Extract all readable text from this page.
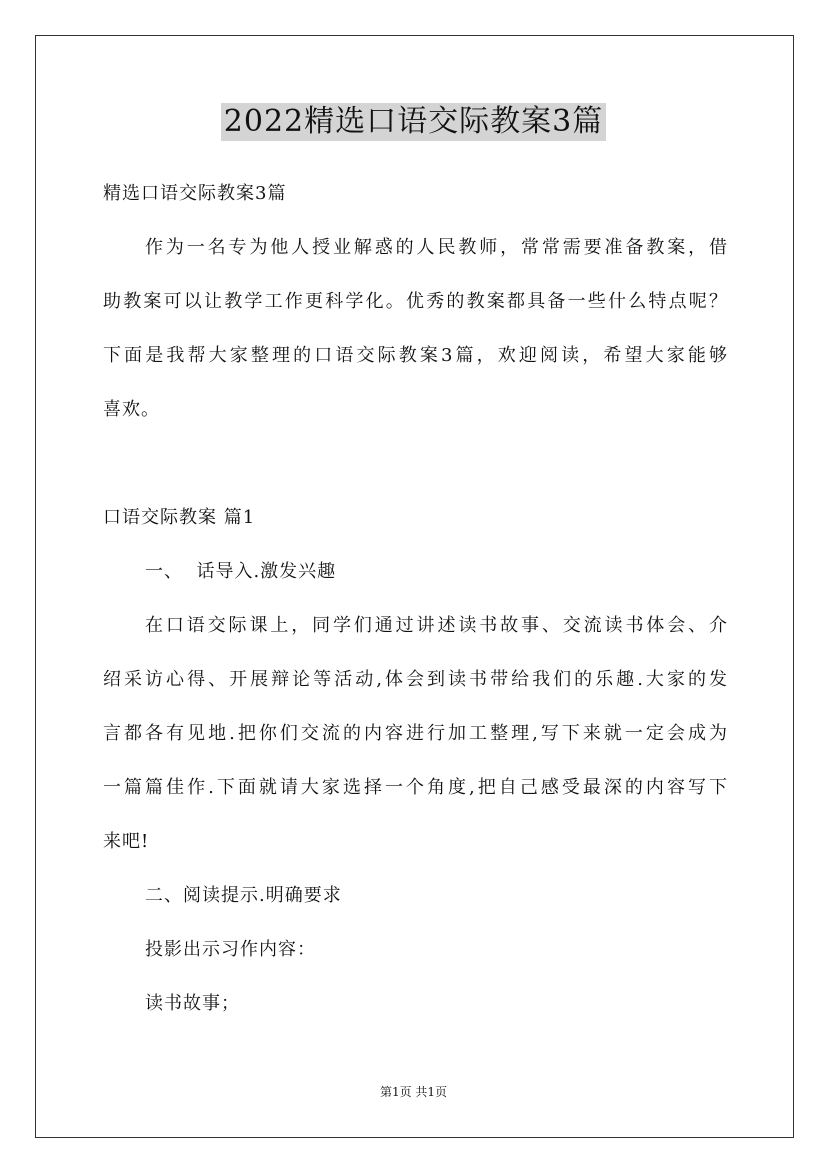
2022精选口语交际教案3篇
精选口语交际教案3篇
作为一名专为他人授业解惑的人民教师，常常需要准备教案，借
助教案可以让教学工作更科学化。优秀的教案都具备一些什么特点呢？
下面是我帮大家整理的口语交际教案3篇，欢迎阅读，希望大家能够
喜欢。
口语交际教案 篇1
一、  话导入.激发兴趣
在口语交际课上，同学们通过讲述读书故事、交流读书体会、介
绍采访心得、开展辩论等活动,体会到读书带给我们的乐趣.大家的发
言都各有见地.把你们交流的内容进行加工整理,写下来就一定会成为
一篇篇佳作.下面就请大家选择一个角度,把自己感受最深的内容写下
来吧!
二、阅读提示.明确要求
投影出示习作内容：
读书故事；
第1页 共1页
